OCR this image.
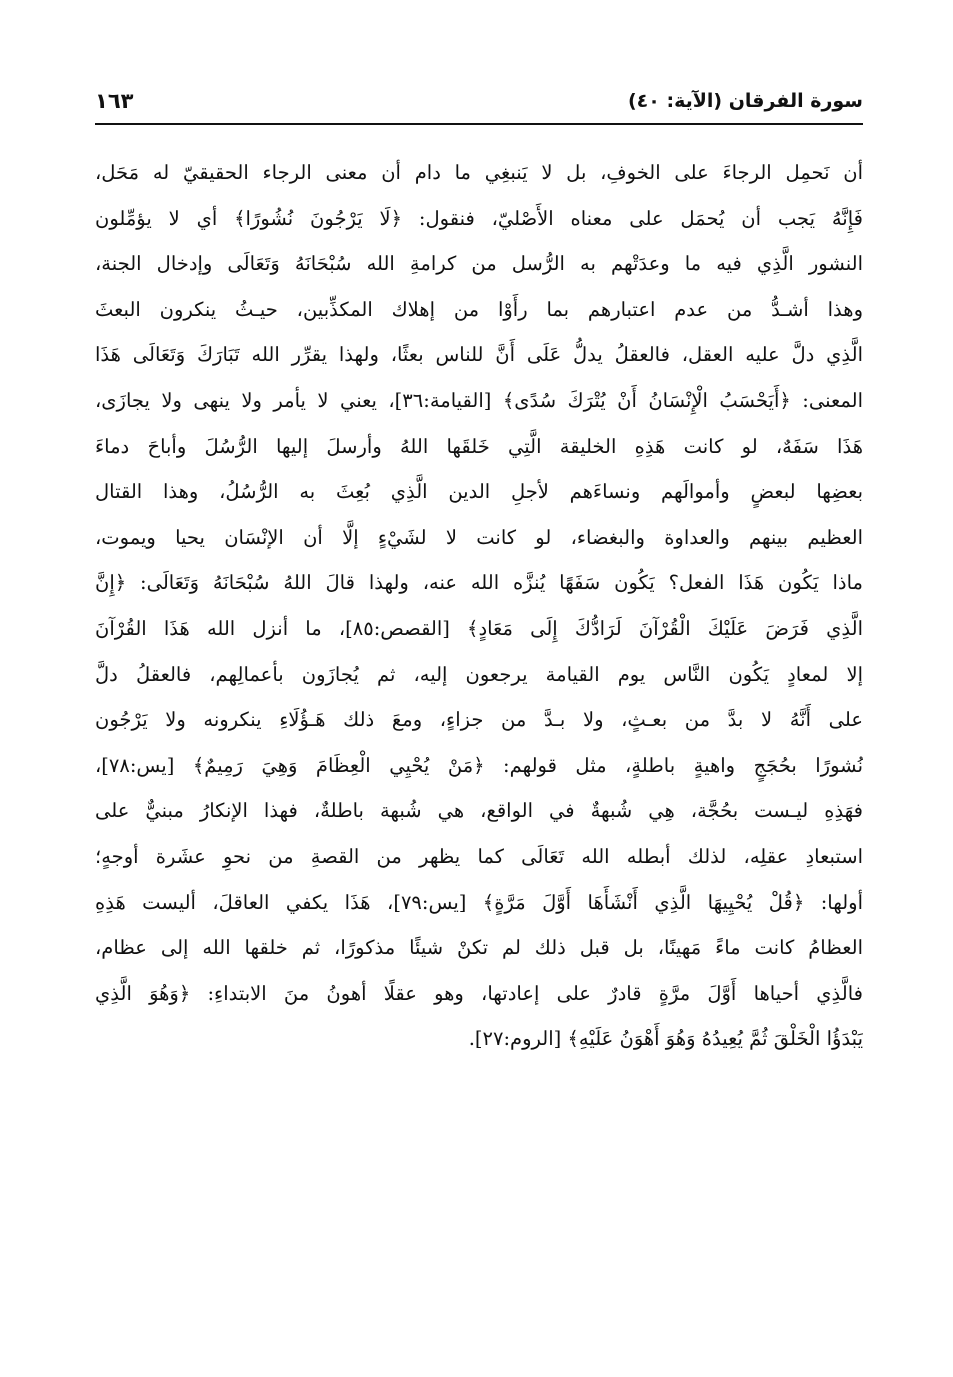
سورة الفرقان (الآية: ٤٠)
١٦٣
أن نَحمِل الرجاءَ على الخوفِ، بل لا يَنبغِي ما دام أن معنى الرجاء الحقيقيّ له مَحَل،
فَإِنَّهُ يَجب أن يُحمَل على معناه الأَصْليّ، فنقول: ﴿لَا يَرْجُونَ نُشُورًا﴾ أي لا يؤمِّلون
النشور الَّذِي فيه ما وعدَتْهم به الرُّسل من كرامةِ الله سُبْحَانَهُ وَتَعَالَى وإدخال الجنة،
وهذا أشـدُّ من عدم اعتبارهم بما رأَوْا من إهلاك المكذِّبين، حيـثُ ينكرون البعثَ
الَّذِي دلَّ عليه العقل، فالعقلُ يدلُّ عَلَى أَنَّ للناس بعثًا، ولهذا يقرِّر الله تَبَارَكَ وَتَعَالَى هَذَا
المعنى: ﴿أَيَحْسَبُ الْإِنْسَانُ أَنْ يُتْرَكَ سُدًى﴾ [القيامة:٣٦]، يعني لا يأمر ولا ينهى ولا يجازَى،
هَذَا سَفَهٌ، لو كانت هَذِهِ الخليقة الَّتِي خَلقَها اللهُ وأرسلَ إليها الرُّسُلَ وأباحَ دماءَ
بعضِها لبعضٍ وأموالَهم ونساءَهم لأجلِ الدين الَّذِي بُعِثَ به الرُّسُلُ، وهذا القتال
العظيم بينهم والعداوة والبغضاء، لو كانت لا لشَيْءٍ إلَّا أن الإنْسَان يحيا ويموت،
ماذا يَكُون هَذَا الفعل؟ يَكُون سَفَهًا يُنزَّه الله عنه، ولهذا قالَ اللهُ سُبْحَانَهُ وَتَعَالَى: ﴿إِنَّ
الَّذِي فَرَضَ عَلَيْكَ الْقُرْآنَ لَرَادُّكَ إِلَى مَعَادٍ﴾ [القصص:٨٥]، ما أنزل الله هَذَا القُرْآنَ
إلا لمعادٍ يَكُون النَّاس يوم القيامة يرجعون إليه، ثم يُجازَون بأعمالِهم، فالعقلُ دلَّ
على أَنَّهُ لا بدَّ من بعـثٍ، ولا بـدَّ من جزاءٍ، ومعَ ذلك هَـؤُلَاءِ ينكرونه ولا يَرْجُون
نُشورًا بحُجَجٍ واهيةٍ باطلةٍ، مثل قولهم: ﴿مَنْ يُحْيِي الْعِظَامَ وَهِيَ رَمِيمٌ﴾ [يس:٧٨]،
فهَذِهِ ليـست بحُجَّة، هِي شُبهةٌ في الواقع، هي شُبهة باطلةٌ، فهذا الإنكارُ مبنيٌّ على
استبعادِ عقلِه، لذلك أبطله الله تَعَالَى كما يظهر من القصةِ من نحوِ عشَرة أوجهٍ؛
أولها: ﴿قُلْ يُحْيِيهَا الَّذِي أَنْشَأَهَا أَوَّلَ مَرَّةٍ﴾ [يس:٧٩]، هَذَا يكفي العاقلَ، أليست هَذِهِ
العظامُ كانت ماءً مَهينًا، بل قبل ذلك لم تكنْ شيئًا مذكورًا، ثم خلقها الله إلى عظام،
فالَّذِي أحياها أَوَّلَ مرَّةٍ قادرٌ على إعادتها، وهو عقلًا أهونُ منَ الابتداءِ: ﴿وَهُوَ الَّذِي
يَبْدَؤُا الْخَلْقَ ثُمَّ يُعِيدُهُ وَهُوَ أَهْوَنُ عَلَيْهِ﴾ [الروم:٢٧].
